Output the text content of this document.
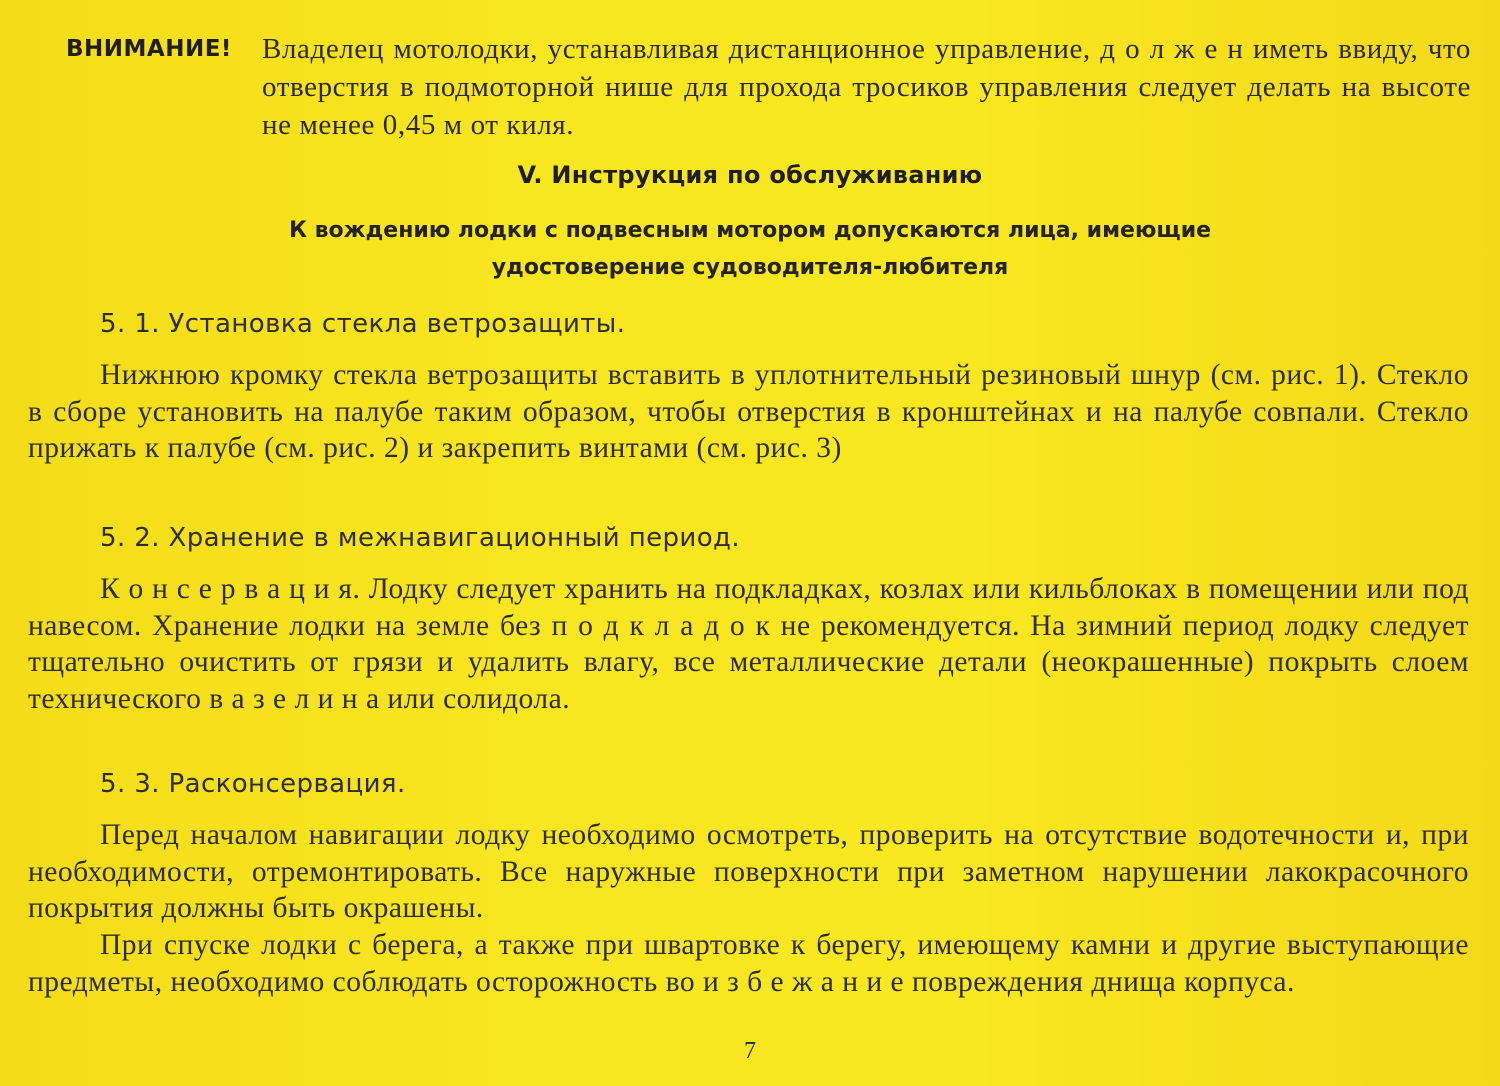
ВНИМАНИЕ! Владелец мотолодки, устанавливая дистанционное управление, д о л ж е н иметь ввиду, что отверстия в подмоторной нише для прохода тросиков управления следует делать на высоте не менее 0,45 м от киля.
V. Инструкция по обслуживанию
К вождению лодки с подвесным мотором допускаются лица, имеющие удостоверение судоводителя-любителя
5. 1. Установка стекла ветрозащиты.
Нижнюю кромку стекла ветрозащиты вставить в уплотнительный резиновый шнур (см. рис. 1). Стекло в сборе установить на палубе таким образом, чтобы отверстия в кронштейнах и на палубе совпали. Стекло прижать к палубе (см. рис. 2) и закрепить винтами (см. рис. 3)
5. 2. Хранение в межнавигационный период.
К о н с е р в а ц и я. Лодку следует хранить на подкладках, козлах или кильблоках в помещении или под навесом. Хранение лодки на земле без п о д к л а д о к не рекомендуется. На зимний период лодку следует тщательно очистить от грязи и удалить влагу, все металлические детали (неокрашенные) покрыть слоем технического в а з е л и н а или солидола.
5. 3. Расконсервация.
Перед началом навигации лодку необходимо осмотреть, проверить на отсутствие водотечности и, при необходимости, отремонтировать. Все наружные поверхности при заметном нарушении лакокрасочного покрытия должны быть окрашены.
При спуске лодки с берега, а также при швартовке к берегу, имеющему камни и другие выступающие предметы, необходимо соблюдать осторожность во и з б е ж а н и е повреждения днища корпуса.
7
